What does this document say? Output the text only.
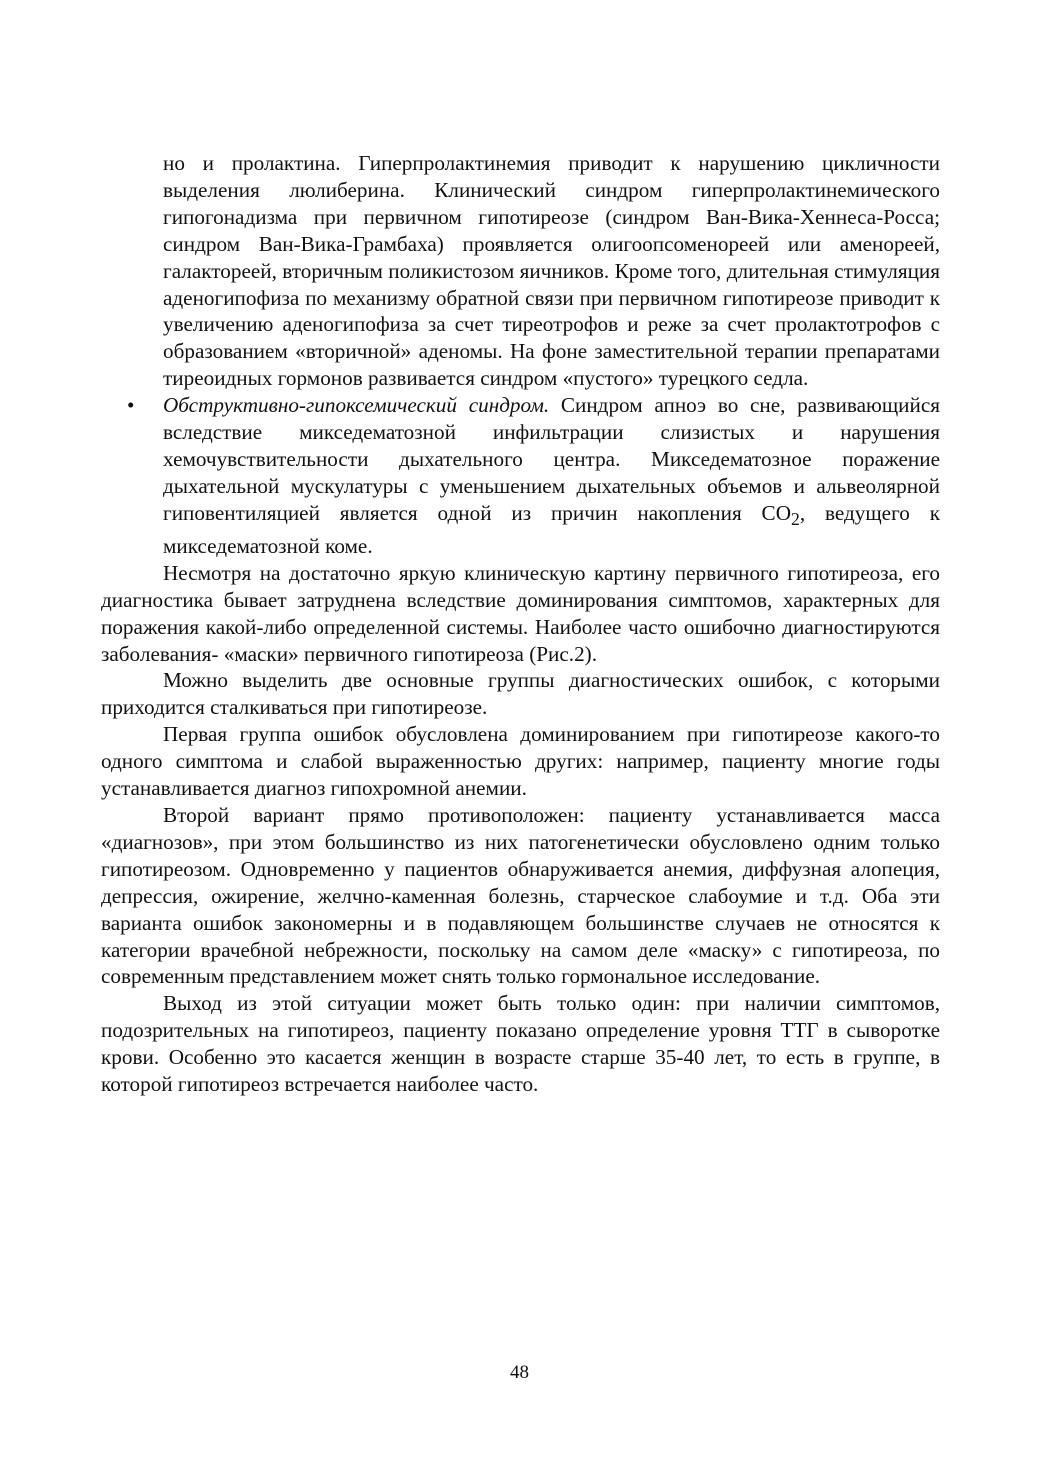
но и пролактина. Гиперпролактинемия приводит к нарушению цикличности выделения люлиберина. Клинический синдром гиперпролактинемического гипогонадизма при первичном гипотиреозе (синдром Ван-Вика-Хеннеса-Росса; синдром Ван-Вика-Грамбаха) проявляется олигоопсоменореей или аменореей, галактореей, вторичным поликистозом яичников. Кроме того, длительная стимуляция аденогипофиза по механизму обратной связи при первичном гипотиреозе приводит к увеличению аденогипофиза за счет тиреотрофов и реже за счет пролактотрофов с образованием «вторичной» аденомы. На фоне заместительной терапии препаратами тиреоидных гормонов развивается синдром «пустого» турецкого седла.

• Обструктивно-гипоксемический синдром. Синдром апноэ во сне, развивающийся вследствие микседематозной инфильтрации слизистых и нарушения хемочувствительности дыхательного центра. Микседематозное поражение дыхательной мускулатуры с уменьшением дыхательных объемов и альвеолярной гиповентиляцией является одной из причин накопления $CO_2$, ведущего к микседематозной коме.

Несмотря на достаточно яркую клиническую картину первичного гипотиреоза, его диагностика бывает затруднена вследствие доминирования симптомов, характерных для поражения какой-либо определенной системы. Наиболее часто ошибочно диагностируются заболевания- «маски» первичного гипотиреоза (Рис.2).

Можно выделить две основные группы диагностических ошибок, с которыми приходится сталкиваться при гипотиреозе.

Первая группа ошибок обусловлена доминированием при гипотиреозе какого-то одного симптома и слабой выраженностью других: например, пациенту многие годы устанавливается диагноз гипохромной анемии.

Второй вариант прямо противоположен: пациенту устанавливается масса «диагнозов», при этом большинство из них патогенетически обусловлено одним только гипотиреозом. Одновременно у пациентов обнаруживается анемия, диффузная алопеция, депрессия, ожирение, желчно-каменная болезнь, старческое слабоумие и т.д. Оба эти варианта ошибок закономерны и в подавляющем большинстве случаев не относятся к категории врачебной небрежности, поскольку на самом деле «маску» с гипотиреоза, по современным представлением может снять только гормональное исследование.

Выход из этой ситуации может быть только один: при наличии симптомов, подозрительных на гипотиреоз, пациенту показано определение уровня ТТГ в сыворотке крови. Особенно это касается женщин в возрасте старше 35-40 лет, то есть в группе, в которой гипотиреоз встречается наиболее часто.

48
